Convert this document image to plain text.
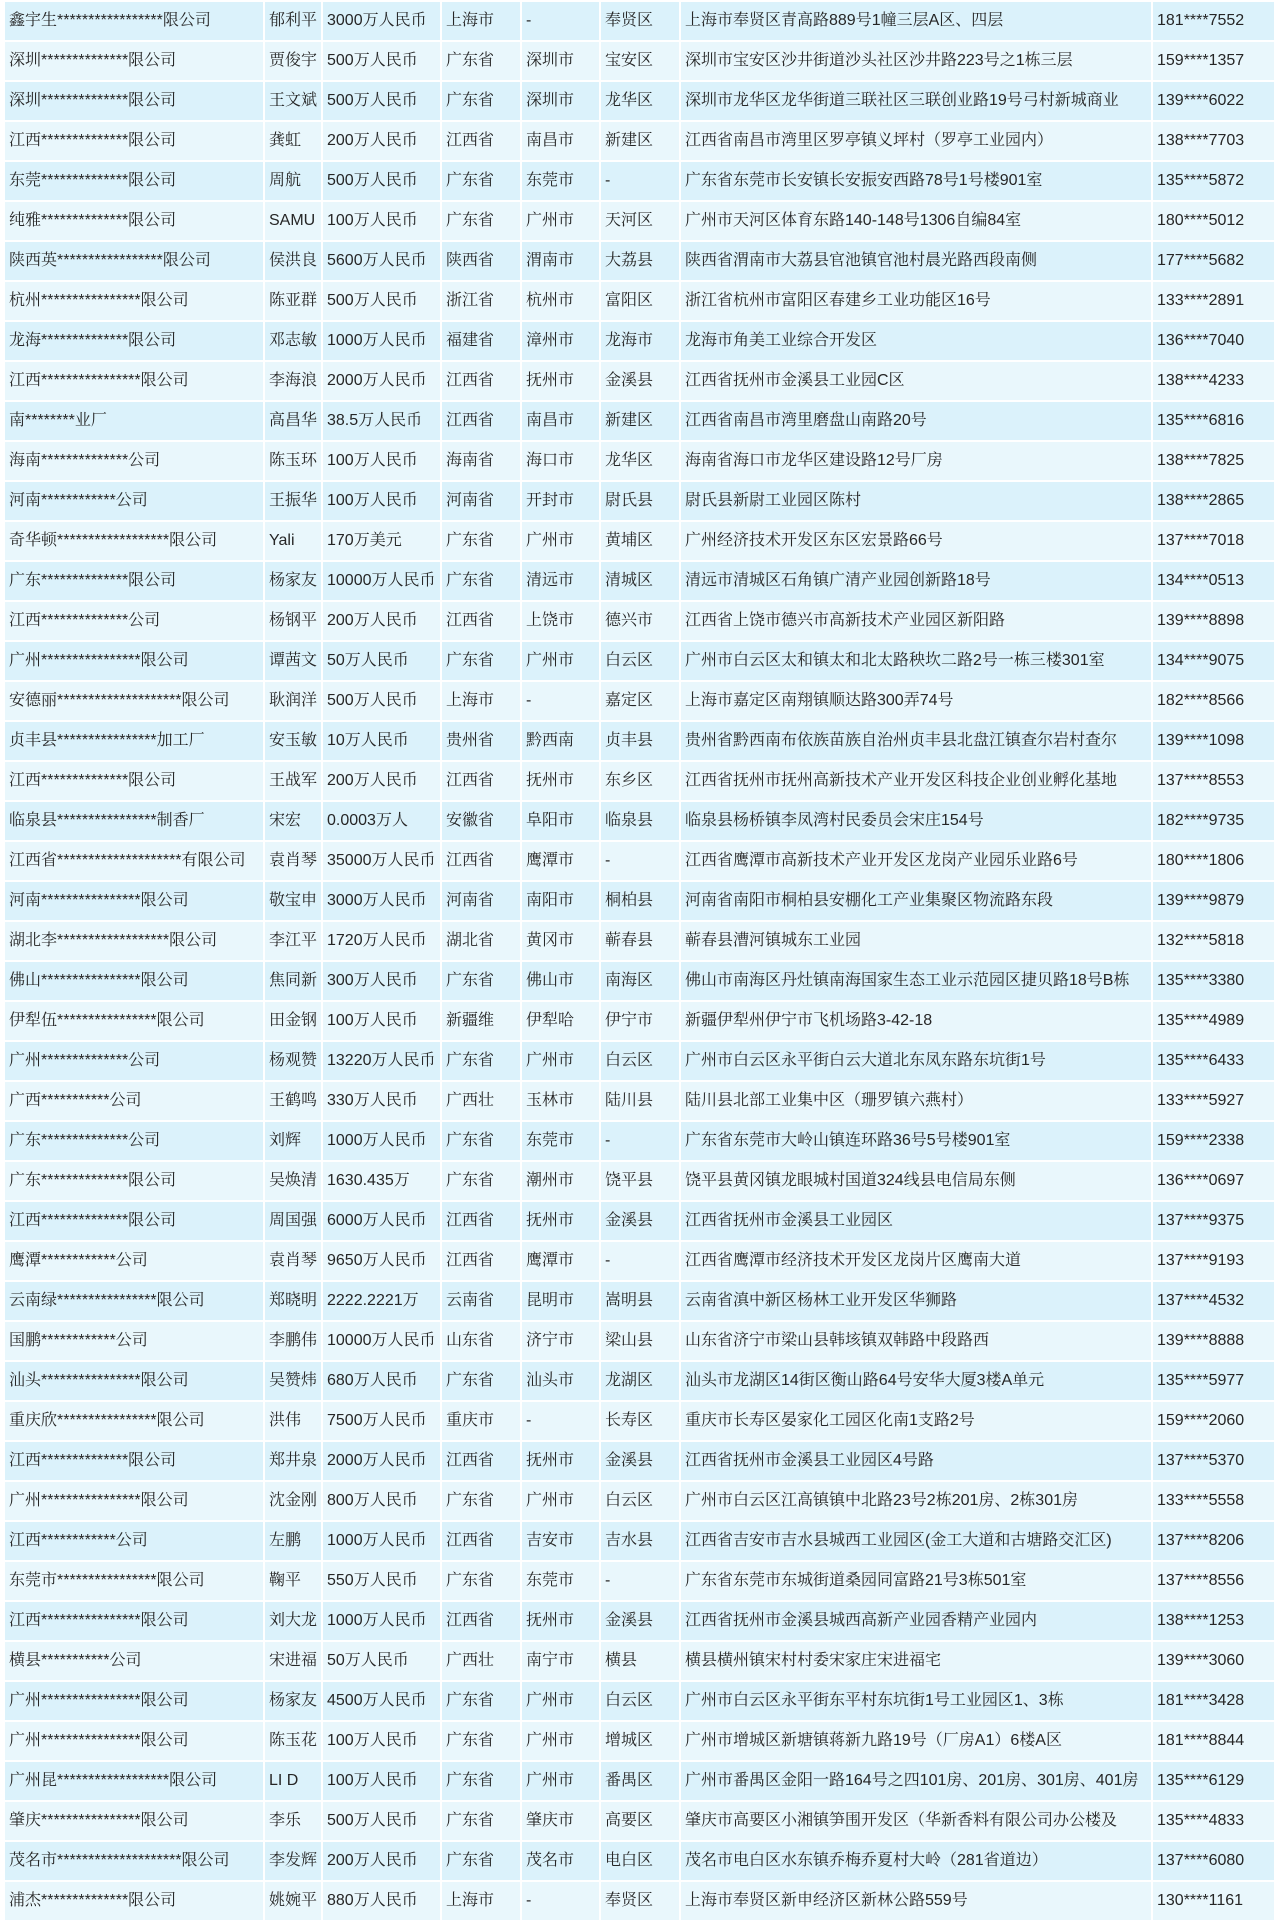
鑫宇生*****************限公司	郁利平 3000万人民币	上海市	-	奉贤区	上海市奉贤区青高路889号1幢三层A区、四层	181****7552
深圳**************限公司	贾俊宇 500万人民币	广东省	深圳市	宝安区	深圳市宝安区沙井街道沙头社区沙井路223号之1栋三层	159****1357
深圳**************限公司	王文斌 500万人民币	广东省	深圳市	龙华区	深圳市龙华区龙华街道三联社区三联创业路19号弓村新城商业	139****6022
江西**************限公司	龚虹	200万人民币	江西省	南昌市	新建区	江西省南昌市湾里区罗亭镇义坪村（罗亭工业园内）	138****7703
东莞**************限公司	周航	500万人民币	广东省	东莞市	-	广东省东莞市长安镇长安振安西路78号1号楼901室	135****5872
纯雅**************限公司	SAMU 100万人民币	广东省	广州市	天河区	广州市天河区体育东路140-148号1306自编84室	180****5012
陕西英*****************限公司	侯洪良 5600万人民币	陕西省	渭南市	大荔县	陕西省渭南市大荔县官池镇官池村晨光路西段南侧	177****5682
杭州****************限公司	陈亚群 500万人民币	浙江省	杭州市	富阳区	浙江省杭州市富阳区春建乡工业功能区16号	133****2891
龙海**************限公司	邓志敏 1000万人民币	福建省	漳州市	龙海市	龙海市角美工业综合开发区	136****7040
江西****************限公司	李海浪 2000万人民币	江西省	抚州市	金溪县	江西省抚州市金溪县工业园C区	138****4233
南********业厂	高昌华 38.5万人民币	江西省	南昌市	新建区	江西省南昌市湾里磨盘山南路20号	135****6816
海南**************公司	陈玉环 100万人民币	海南省	海口市	龙华区	海南省海口市龙华区建设路12号厂房	138****7825
河南************公司	王振华 100万人民币	河南省	开封市	尉氏县	尉氏县新尉工业园区陈村	138****2865
奇华顿******************限公司	Yali	170万美元	广东省	广州市	黄埔区	广州经济技术开发区东区宏景路66号	137****7018
广东**************限公司	杨家友 10000万人民币 广东省	清远市	清城区	清远市清城区石角镇广清产业园创新路18号	134****0513
江西**************公司	杨钢平 200万人民币	江西省	上饶市	德兴市	江西省上饶市德兴市高新技术产业园区新阳路	139****8898
广州****************限公司	谭茜文 50万人民币	广东省	广州市	白云区	广州市白云区太和镇太和北太路秧坎二路2号一栋三楼301室	134****9075
安德丽********************限公司	耿润洋 500万人民币	上海市	-	嘉定区	上海市嘉定区南翔镇顺达路300弄74号	182****8566
贞丰县****************加工厂	安玉敏 10万人民币	贵州省	黔西南	贞丰县	贵州省黔西南布依族苗族自治州贞丰县北盘江镇查尔岩村查尔	139****1098
江西**************限公司	王战军 200万人民币	江西省	抚州市	东乡区	江西省抚州市抚州高新技术产业开发区科技企业创业孵化基地	137****8553
临泉县****************制香厂	宋宏	0.0003万人	安徽省	阜阳市	临泉县	临泉县杨桥镇李凤湾村民委员会宋庄154号	182****9735
江西省********************有限公司	袁肖琴 35000万人民币 江西省	鹰潭市	-	江西省鹰潭市高新技术产业开发区龙岗产业园乐业路6号	180****1806
河南****************限公司	敬宝申 3000万人民币	河南省	南阳市	桐柏县	河南省南阳市桐柏县安棚化工产业集聚区物流路东段	139****9879
湖北李******************限公司	李江平 1720万人民币	湖北省	黄冈市	蕲春县	蕲春县漕河镇城东工业园	132****5818
佛山****************限公司	焦同新 300万人民币	广东省	佛山市	南海区	佛山市南海区丹灶镇南海国家生态工业示范园区捷贝路18号B栋	135****3380
伊犁伍****************限公司	田金钢 100万人民币	新疆维	伊犁哈	伊宁市	新疆伊犁州伊宁市飞机场路3-42-18	135****4989
广州**************公司	杨观赞 13220万人民币 广东省	广州市	白云区	广州市白云区永平街白云大道北东凤东路东坑街1号	135****6433
广西***********公司	王鹤鸣 330万人民币	广西壮	玉林市	陆川县	陆川县北部工业集中区（珊罗镇六燕村）	133****5927
广东**************公司	刘辉	1000万人民币	广东省	东莞市	-	广东省东莞市大岭山镇连环路36号5号楼901室	159****2338
广东**************限公司	吴焕清 1630.435万	广东省	潮州市	饶平县	饶平县黄冈镇龙眼城村国道324线县电信局东侧	136****0697
江西**************限公司	周国强 6000万人民币	江西省	抚州市	金溪县	江西省抚州市金溪县工业园区	137****9375
鹰潭************公司	袁肖琴 9650万人民币	江西省	鹰潭市	-	江西省鹰潭市经济技术开发区龙岗片区鹰南大道	137****9193
云南绿****************限公司	郑晓明 2222.2221万	云南省	昆明市	嵩明县	云南省滇中新区杨林工业开发区华狮路	137****4532
国鹏************公司	李鹏伟 10000万人民币 山东省	济宁市	梁山县	山东省济宁市梁山县韩垓镇双韩路中段路西	139****8888
汕头****************限公司	吴赞炜 680万人民币	广东省	汕头市	龙湖区	汕头市龙湖区14街区衡山路64号安华大厦3楼A单元	135****5977
重庆欣****************限公司	洪伟	7500万人民币	重庆市	-	长寿区	重庆市长寿区晏家化工园区化南1支路2号	159****2060
江西**************限公司	郑井泉 2000万人民币	江西省	抚州市	金溪县	江西省抚州市金溪县工业园区4号路	137****5370
广州****************限公司	沈金刚 800万人民币	广东省	广州市	白云区	广州市白云区江高镇镇中北路23号2栋201房、2栋301房	133****5558
江西************公司	左鹏	1000万人民币	江西省	吉安市	吉水县	江西省吉安市吉水县城西工业园区(金工大道和古塘路交汇区)	137****8206
东莞市****************限公司	鞠平	550万人民币	广东省	东莞市	-	广东省东莞市东城街道桑园同富路21号3栋501室	137****8556
江西****************限公司	刘大龙 1000万人民币	江西省	抚州市	金溪县	江西省抚州市金溪县城西高新产业园香精产业园内	138****1253
横县***********公司	宋进福 50万人民币	广西壮	南宁市	横县	横县横州镇宋村村委宋家庄宋进福宅	139****3060
广州****************限公司	杨家友 4500万人民币	广东省	广州市	白云区	广州市白云区永平街东平村东坑街1号工业园区1、3栋	181****3428
广州****************限公司	陈玉花 100万人民币	广东省	广州市	增城区	广州市增城区新塘镇蒋新九路19号（厂房A1）6楼A区	181****8844
广州昆******************限公司	LI D	100万人民币	广东省	广州市	番禺区	广州市番禺区金阳一路164号之四101房、201房、301房、401房	135****6129
肇庆****************限公司	李乐	500万人民币	广东省	肇庆市	高要区	肇庆市高要区小湘镇笋围开发区（华新香料有限公司办公楼及	135****4833
茂名市********************限公司	李发辉 200万人民币	广东省	茂名市	电白区	茂名市电白区水东镇乔梅乔夏村大岭（281省道边）	137****6080
浦杰**************限公司	姚婉平 880万人民币	上海市	-	奉贤区	上海市奉贤区新申经济区新林公路559号	130****1161
